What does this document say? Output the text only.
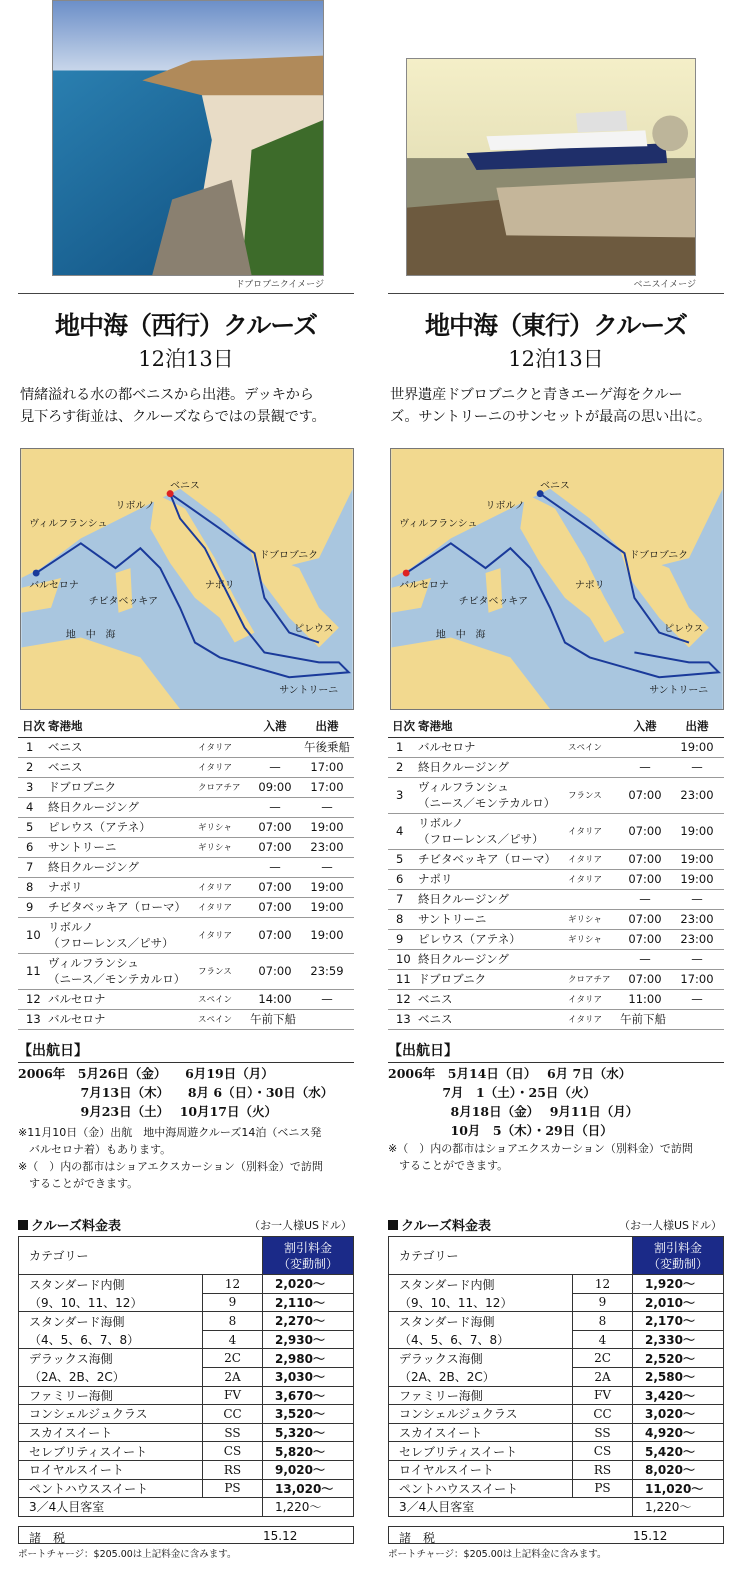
ドブロブニクイメージ
地中海（西行）クルーズ
12泊13日
情緒溢れる水の都ベニスから出港。デッキから
見下ろす街並は、クルーズならではの景観です。
ベニス
リボルノ
ヴィルフランシュ
バルセロナ
ドブロブニク
ナポリ
チビタベッキア
地　中　海
ピレウス
サントリーニ
日次	寄港地		入港	出港
1	ベニス	イタリア		午後乗船
2	ベニス	イタリア	—	17:00
3	ドブロブニク	クロアチア	09:00	17:00
4	終日クルージング		—	—
5	ピレウス（アテネ）	ギリシャ	07:00	19:00
6	サントリーニ	ギリシャ	07:00	23:00
7	終日クルージング		—	—
8	ナポリ	イタリア	07:00	19:00
9	チビタベッキア（ローマ）	イタリア	07:00	19:00
10	リボルノ
（フローレンス／ピサ）	イタリア	07:00	19:00
11	ヴィルフランシュ
（ニース／モンテカルロ）	フランス	07:00	23:59
12	バルセロナ	スペイン	14:00	—
13	バルセロナ	スペイン	午前下船	
【出航日】
2006年　5月26日（金）　　6月19日（月）
　　　　　7月13日（木）　　8月 6（日）・30日（水）
　　　　　9月23日（土）　 10月17日（火）
※11月10日（金）出航　地中海周遊クルーズ14泊（ベニス発
　バルセロナ着）もあります。
※（　）内の都市はショアエクスカーション（別料金）で訪問
　することができます。
クルーズ料金表	（お一人様USドル）
カテゴリー		割引料金
（変動制）

スタンダード内側	12	2,020〜
（9、10、11、12）	9	2,110〜
スタンダード海側	8	2,270〜
（4、5、6、7、8）	4	2,930〜
デラックス海側	2C	2,980〜
（2A、2B、2C）	2A	3,030〜
ファミリー海側	FV	3,670〜
コンシェルジュクラス	CC	3,520〜
スカイスイート	SS	5,320〜
セレブリティスイート	CS	5,820〜
ロイヤルスイート	RS	9,020〜
ペントハウススイート	PS	13,020〜
3／4人目客室		1,220〜
諸　税	15.12
ポートチャージ：$205.00は上記料金に含みます。
ベニスイメージ
地中海（東行）クルーズ
12泊13日
世界遺産ドブロブニクと青きエーゲ海をクルー
ズ。サントリーニのサンセットが最高の思い出に。
ベニス
リボルノ
ヴィルフランシュ
バルセロナ
ドブロブニク
ナポリ
チビタベッキア
地　中　海
ピレウス
サントリーニ
日次	寄港地		入港	出港
1	バルセロナ	スペイン		19:00
2	終日クルージング		—	—
3	ヴィルフランシュ
（ニース／モンテカルロ）	フランス	07:00	23:00
4	リボルノ
（フローレンス／ピサ）	イタリア	07:00	19:00
5	チビタベッキア（ローマ）	イタリア	07:00	19:00
6	ナポリ	イタリア	07:00	19:00
7	終日クルージング		—	—
8	サントリーニ	ギリシャ	07:00	23:00
9	ピレウス（アテネ）	ギリシャ	07:00	23:00
10	終日クルージング		—	—
11	ドブロブニク	クロアチア	07:00	17:00
12	ベニス	イタリア	11:00	—
13	ベニス	イタリア	午前下船	
【出航日】
2006年　5月14日（日）　 6月 7日（水）
　　　　 7月　1（土）・25日（火）
　　　　　8月18日（金）　 9月11日（月）
　　　　　10月　5（木）・29日（日）
※（　）内の都市はショアエクスカーション（別料金）で訪問
　することができます。
クルーズ料金表	（お一人様USドル）
カテゴリー		割引料金
（変動制）

スタンダード内側	12	1,920〜
（9、10、11、12）	9	2,010〜
スタンダード海側	8	2,170〜
（4、5、6、7、8）	4	2,330〜
デラックス海側	2C	2,520〜
（2A、2B、2C）	2A	2,580〜
ファミリー海側	FV	3,420〜
コンシェルジュクラス	CC	3,020〜
スカイスイート	SS	4,920〜
セレブリティスイート	CS	5,420〜
ロイヤルスイート	RS	8,020〜
ペントハウススイート	PS	11,020〜
3／4人目客室		1,220〜
諸　税	15.12
ポートチャージ：$205.00は上記料金に含みます。
